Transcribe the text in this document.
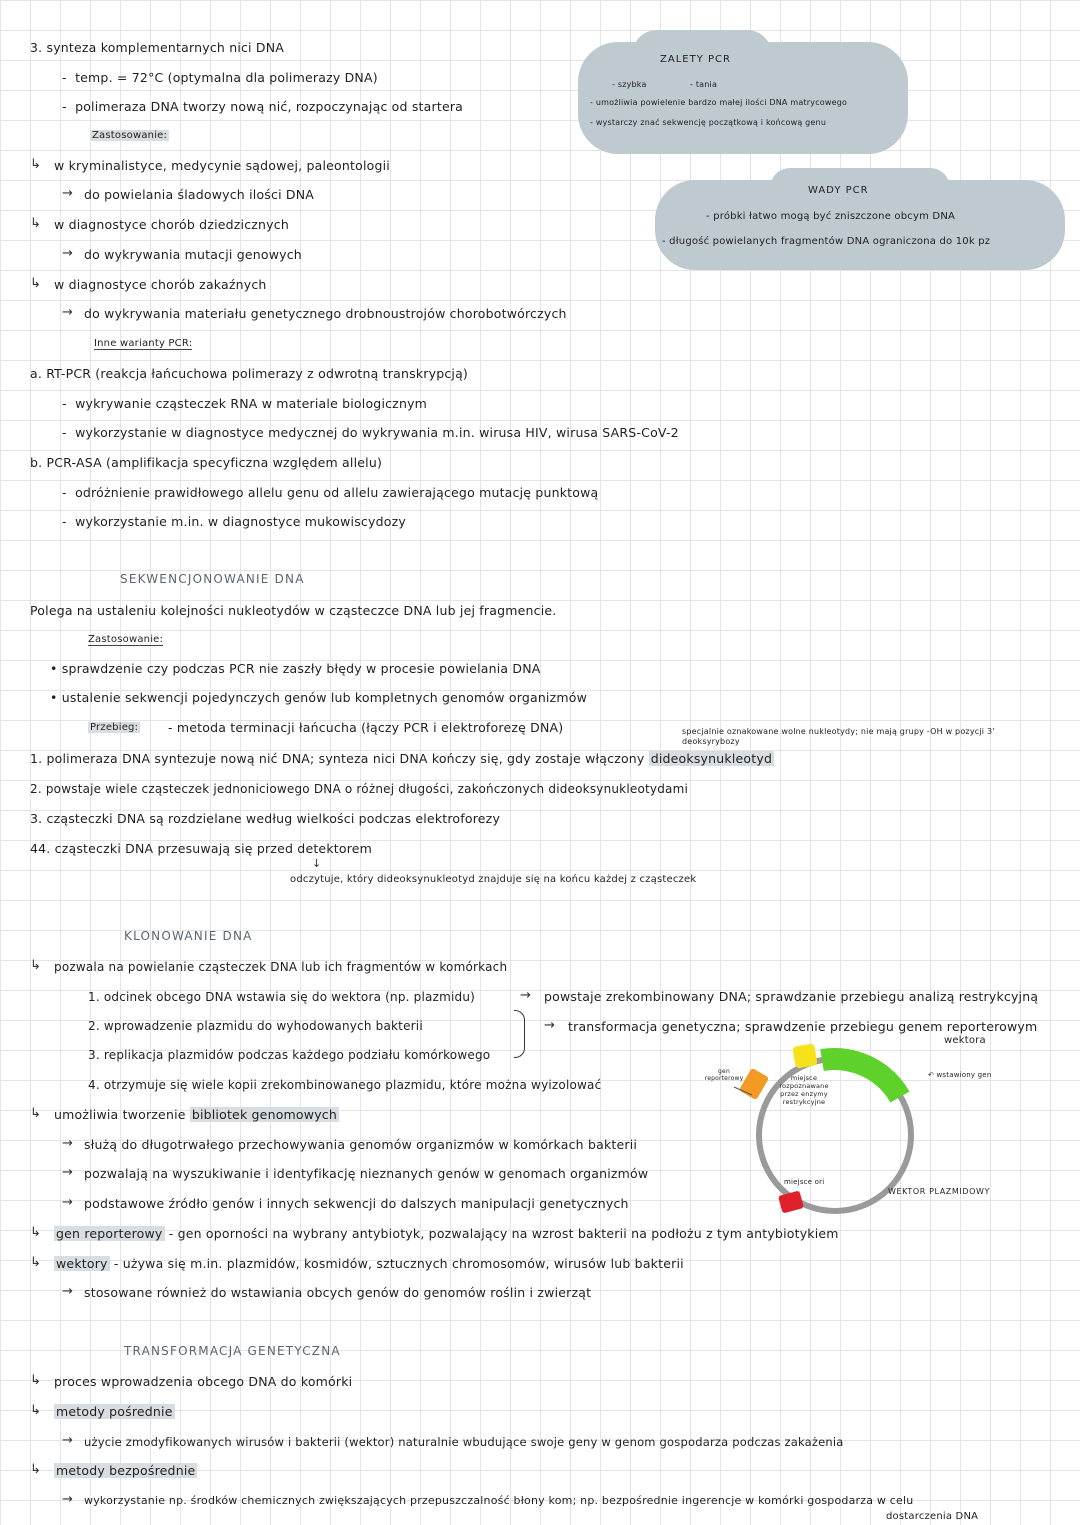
ZALETY PCR
- szybka	- tania
- umożliwia powielenie bardzo małej ilości DNA matrycowego
- wystarczy znać sekwencję początkową i końcową genu
WADY PCR
- próbki łatwo mogą być zniszczone obcym DNA
- długość powielanych fragmentów DNA ograniczona do 10k pz
3. synteza komplementarnych nici DNA
-  temp. = 72°C (optymalna dla polimerazy DNA)
-  polimeraza DNA tworzy nową nić, rozpoczynając od startera
Zastosowanie:
↳ w kryminalistyce, medycynie sądowej, paleontologii
→ do powielania śladowych ilości DNA
↳ w diagnostyce chorób dziedzicznych
→ do wykrywania mutacji genowych
↳ w diagnostyce chorób zakaźnych
→ do wykrywania materiału genetycznego drobnoustrojów chorobotwórczych
Inne warianty PCR:
a. RT-PCR (reakcja łańcuchowa polimerazy z odwrotną transkrypcją)
-  wykrywanie cząsteczek RNA w materiale biologicznym
-  wykorzystanie w diagnostyce medycznej do wykrywania m.in. wirusa HIV, wirusa SARS-CoV-2
b. PCR-ASA (amplifikacja specyficzna względem allelu)
-  odróżnienie prawidłowego allelu genu od allelu zawierającego mutację punktową
-  wykorzystanie m.in. w diagnostyce mukowiscydozy
SEKWENCJONOWANIE DNA
Polega na ustaleniu kolejności nukleotydów w cząsteczce DNA lub jej fragmencie.
Zastosowanie:
• sprawdzenie czy podczas PCR nie zaszły błędy w procesie powielania DNA
• ustalenie sekwencji pojedynczych genów lub kompletnych genomów organizmów
Przebieg: - metoda terminacji łańcucha (łączy PCR i elektroforezę DNA)	specjalnie oznakowane wolne nukleotydy; nie mają grupy -OH w pozycji 3' deoksyrybozy
1. polimeraza DNA syntezuje nową nić DNA; synteza nici DNA kończy się, gdy zostaje włączony dideoksynukleotyd
2. powstaje wiele cząsteczek jednoniciowego DNA o różnej długości, zakończonych dideoksynukleotydami
3. cząsteczki DNA są rozdzielane według wielkości podczas elektroforezy
44. cząsteczki DNA przesuwają się przed detektorem
↓
odczytuje, który dideoksynukleotyd znajduje się na końcu każdej z cząsteczek
KLONOWANIE DNA
↳ pozwala na powielanie cząsteczek DNA lub ich fragmentów w komórkach
1. odcinek obcego DNA wstawia się do wektora (np. plazmidu)	→ powstaje zrekombinowany DNA; sprawdzanie przebiegu analizą restrykcyjną
2. wprowadzenie plazmidu do wyhodowanych bakterii	→ transformacja genetyczna; sprawdzenie przebiegu genem reporterowym
wektora
3. replikacja plazmidów podczas każdego podziału komórkowego
4. otrzymuje się wiele kopii zrekombinowanego plazmidu, które można wyizolować
↳ umożliwia tworzenie bibliotek genomowych
→ służą do długotrwałego przechowywania genomów organizmów w komórkach bakterii
→ pozwalają na wyszukiwanie i identyfikację nieznanych genów w genomach organizmów
→ podstawowe źródło genów i innych sekwencji do dalszych manipulacji genetycznych
↳ gen reporterowy - gen oporności na wybrany antybiotyk, pozwalający na wzrost bakterii na podłożu z tym antybiotykiem
↳ wektory - używa się m.in. plazmidów, kosmidów, sztucznych chromosomów, wirusów lub bakterii
→ stosowane również do wstawiania obcych genów do genomów roślin i zwierząt
gen reporterowy	miejsce rozpoznawane przez enzymy restrykcyjne
↶ wstawiony gen
miejsce ori
WEKTOR PLAZMIDOWY
TRANSFORMACJA GENETYCZNA
↳ proces wprowadzenia obcego DNA do komórki
↳ metody pośrednie
→ użycie zmodyfikowanych wirusów i bakterii (wektor) naturalnie wbudujące swoje geny w genom gospodarza podczas zakażenia
↳ metody bezpośrednie
→ wykorzystanie np. środków chemicznych zwiększających przepuszczalność błony kom; np. bezpośrednie ingerencje w komórki gospodarza w celu
dostarczenia DNA
